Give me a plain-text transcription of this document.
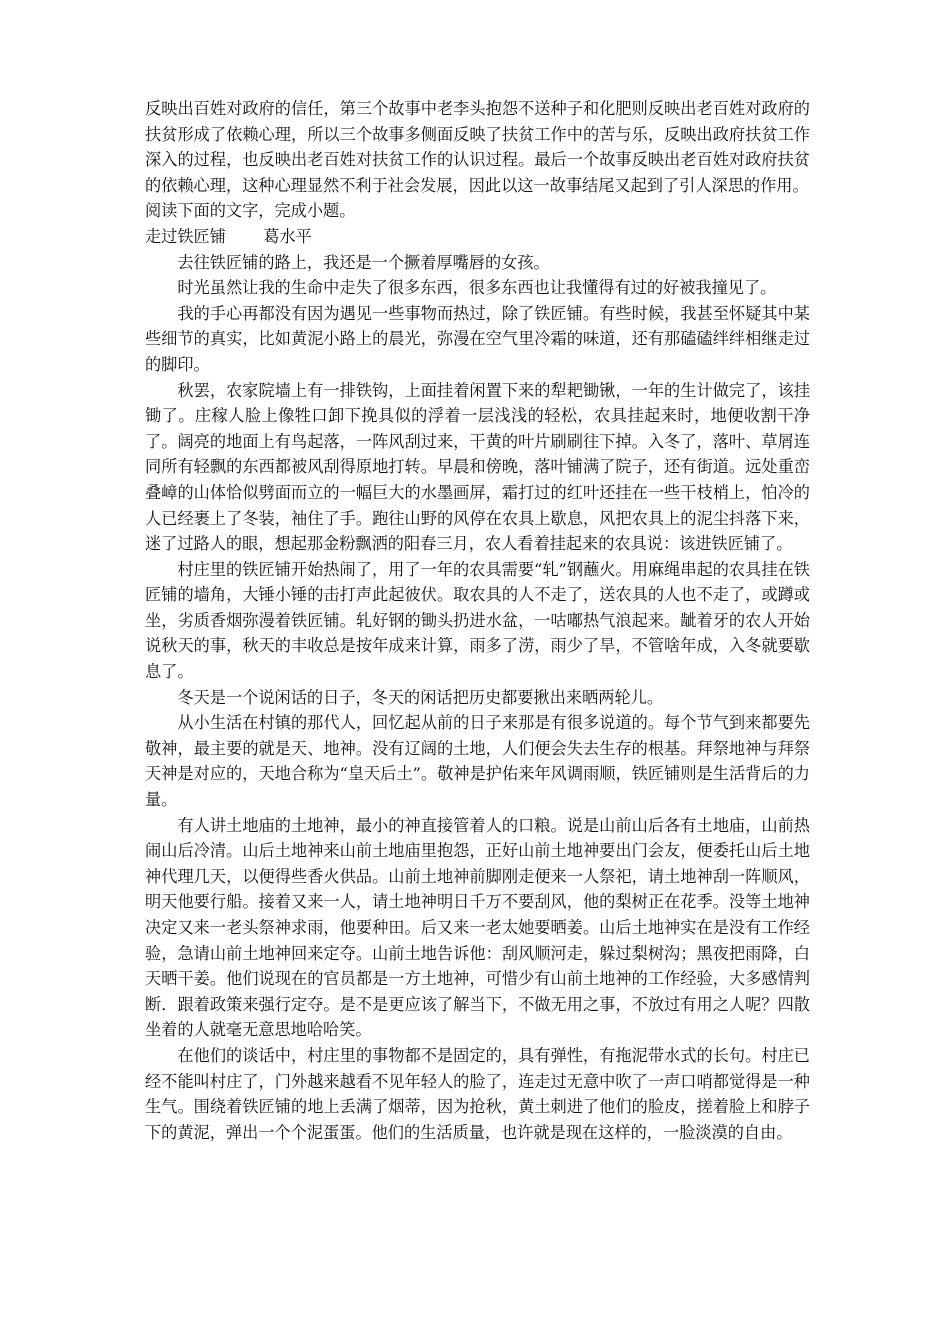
反映出百姓对政府的信任，第三个故事中老李头抱怨不送种子和化肥则反映出老百姓对政府的扶贫形成了依赖心理，所以三个故事多侧面反映了扶贫工作中的苦与乐，反映出政府扶贫工作深入的过程，也反映出老百姓对扶贫工作的认识过程。最后一个故事反映出老百姓对政府扶贫的依赖心理，这种心理显然不利于社会发展，因此以这一故事结尾又起到了引人深思的作用。

阅读下面的文字，完成小题。

走过铁匠铺 葛水平

去往铁匠铺的路上，我还是一个撅着厚嘴唇的女孩。

时光虽然让我的生命中走失了很多东西，很多东西也让我懂得有过的好被我撞见了。

我的手心再都没有因为遇见一些事物而热过，除了铁匠铺。有些时候，我甚至怀疑其中某些细节的真实，比如黄泥小路上的晨光，弥漫在空气里冷霜的味道，还有那磕磕绊绊相继走过的脚印。

秋罢，农家院墙上有一排铁钩，上面挂着闲置下来的犁耙锄锹，一年的生计做完了，该挂锄了。庄稼人脸上像牲口卸下挽具似的浮着一层浅浅的轻松，农具挂起来时，地便收割干净了。阔亮的地面上有鸟起落，一阵风刮过来，干黄的叶片刷刷往下掉。入冬了，落叶、草屑连同所有轻飘的东西都被风刮得原地打转。早晨和傍晚，落叶铺满了院子，还有街道。远处重峦叠嶂的山体恰似劈面而立的一幅巨大的水墨画屏，霜打过的红叶还挂在一些干枝梢上，怕冷的人已经裹上了冬装，袖住了手。跑往山野的风停在农具上歇息，风把农具上的泥尘抖落下来，迷了过路人的眼，想起那金粉飘洒的阳春三月，农人看着挂起来的农具说：该进铁匠铺了。

村庄里的铁匠铺开始热闹了，用了一年的农具需要“轧”钢蘸火。用麻绳串起的农具挂在铁匠铺的墙角，大锤小锤的击打声此起彼伏。取农具的人不走了，送农具的人也不走了，或蹲或坐，劣质香烟弥漫着铁匠铺。轧好钢的锄头扔进水盆，一咕嘟热气浪起来。龇着牙的农人开始说秋天的事，秋天的丰收总是按年成来计算，雨多了涝，雨少了旱，不管啥年成，入冬就要歇息了。

冬天是一个说闲话的日子，冬天的闲话把历史都要揪出来晒两轮儿。

从小生活在村镇的那代人，回忆起从前的日子来那是有很多说道的。每个节气到来都要先敬神，最主要的就是天、地神。没有辽阔的土地，人们便会失去生存的根基。拜祭地神与拜祭天神是对应的，天地合称为“皇天后土”。敬神是护佑来年风调雨顺，铁匠铺则是生活背后的力量。

有人讲土地庙的土地神，最小的神直接管着人的口粮。说是山前山后各有土地庙，山前热闹山后冷清。山后土地神来山前土地庙里抱怨，正好山前土地神要出门会友，便委托山后土地神代理几天，以便得些香火供品。山前土地神前脚刚走便来一人祭祀，请土地神刮一阵顺风，明天他要行船。接着又来一人，请土地神明日千万不要刮风，他的梨树正在花季。没等土地神决定又来一老头祭神求雨，他要种田。后又来一老太她要晒姜。山后土地神实在是没有工作经验，急请山前土地神回来定夺。山前土地告诉他：刮风顺河走，躲过梨树沟；黑夜把雨降，白天晒干姜。他们说现在的官员都是一方土地神，可惜少有山前土地神的工作经验，大多感情判断．跟着政策来强行定夺。是不是更应该了解当下，不做无用之事，不放过有用之人呢？四散坐着的人就毫无意思地哈哈笑。

在他们的谈话中，村庄里的事物都不是固定的，具有弹性，有拖泥带水式的长句。村庄已经不能叫村庄了，门外越来越看不见年轻人的脸了，连走过无意中吹了一声口哨都觉得是一种生气。围绕着铁匠铺的地上丢满了烟蒂，因为抢秋，黄土刺进了他们的脸皮，搓着脸上和脖子下的黄泥，弹出一个个泥蛋蛋。他们的生活质量，也许就是现在这样的，一脸淡漠的自由。
